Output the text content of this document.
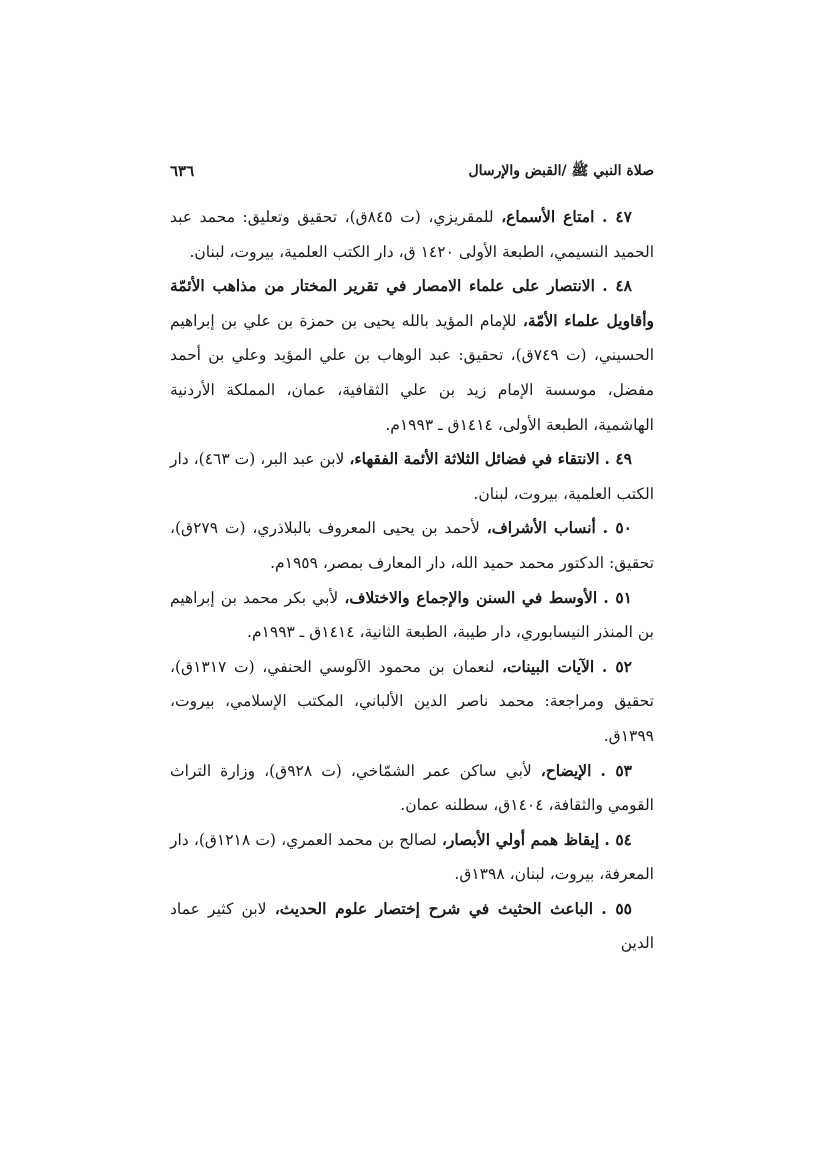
صلاة النبي ﷺ /القبض والإرسال
٦٣٦

٤٧ . امتاع الأسماع، للمقريزي، (ت ٨٤٥ق)، تحقيق وتعليق: محمد عبد الحميد النسيمي، الطبعة الأولى ١٤٢٠ ق، دار الكتب العلمية، بيروت، لبنان.

٤٨ . الانتصار على علماء الامصار في تقرير المختار من مذاهب الأئمّة وأقاويل علماء الأمّة، للإمام المؤيد بالله يحيى بن حمزة بن علي بن إبراهيم الحسيني، (ت ٧٤٩ق)، تحقيق: عبد الوهاب بن علي المؤيد وعلي بن أحمد مفضل، موسسة الإمام زيد بن علي الثقافية، عمان، المملكة الأردنية الهاشمية، الطبعة الأولى، ١٤١٤ق ـ ١٩٩٣م.

٤٩ . الانتقاء في فضائل الثلاثة الأئمة الفقهاء، لابن عبد البر، (ت ٤٦٣)، دار الكتب العلمية، بيروت، لبنان.

٥٠ . أنساب الأشراف، لأحمد بن يحيى المعروف بالبلاذري، (ت ٢٧٩ق)، تحقيق: الدكتور محمد حميد الله، دار المعارف بمصر، ١٩٥٩م.

٥١ . الأوسط في السنن والإجماع والاختلاف، لأبي بكر محمد بن إبراهيم بن المنذر النيسابوري، دار طيبة، الطبعة الثانية، ١٤١٤ق ـ ١٩٩٣م.

٥٢ . الآيات البينات، لنعمان بن محمود الآلوسي الحنفي، (ت ١٣١٧ق)، تحقيق ومراجعة: محمد ناصر الدين الألباني، المكتب الإسلامي، بيروت، ١٣٩٩ق.

٥٣ . الإيضاح، لأبي ساكن عمر الشمّاخي، (ت ٩٢٨ق)، وزارة التراث القومي والثقافة، ١٤٠٤ق، سطلنه عمان.

٥٤ . إيقاظ همم أولي الأبصار، لصالح بن محمد العمري، (ت ١٢١٨ق)، دار المعرفة، بيروت، لبنان، ١٣٩٨ق.

٥٥ . الباعث الحثيث في شرح إختصار علوم الحديث، لابن كثير عماد الدين
